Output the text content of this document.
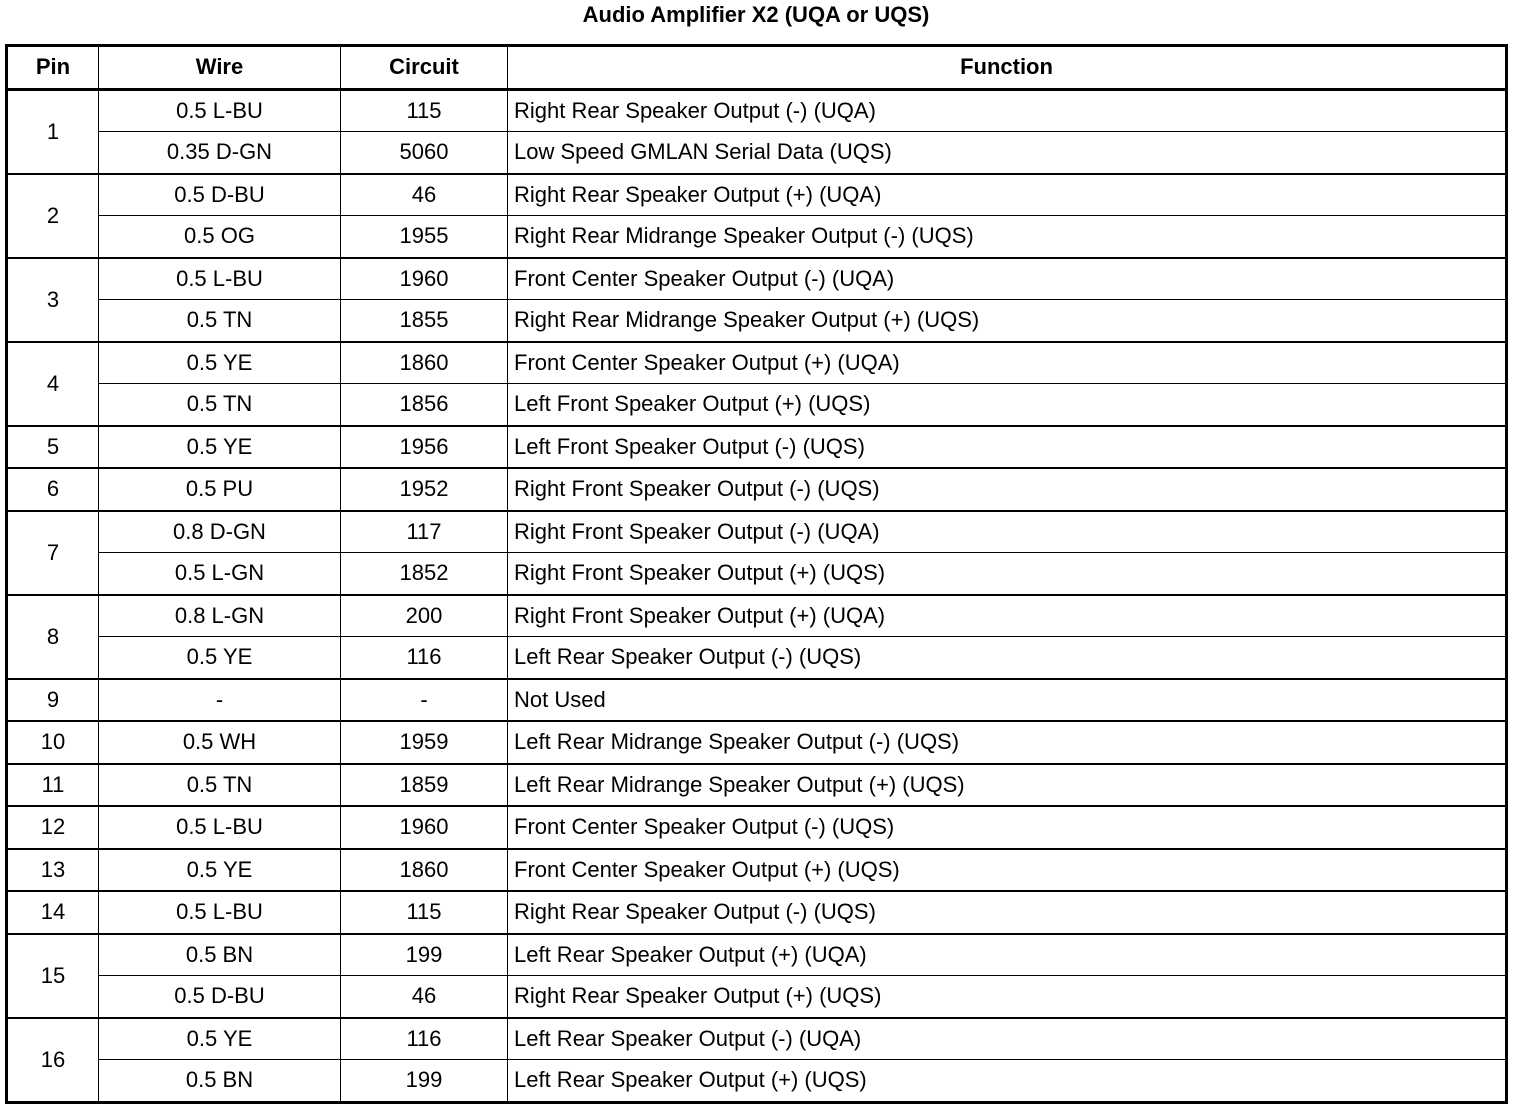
Audio Amplifier X2 (UQA or UQS)
Pin	Wire	Circuit	Function
1	0.5 L-BU	115	Right Rear Speaker Output (-) (UQA)
	0.35 D-GN	5060	Low Speed GMLAN Serial Data (UQS)
2	0.5 D-BU	46	Right Rear Speaker Output (+) (UQA)
	0.5 OG	1955	Right Rear Midrange Speaker Output (-) (UQS)
3	0.5 L-BU	1960	Front Center Speaker Output (-) (UQA)
	0.5 TN	1855	Right Rear Midrange Speaker Output (+) (UQS)
4	0.5 YE	1860	Front Center Speaker Output (+) (UQA)
	0.5 TN	1856	Left Front Speaker Output (+) (UQS)
5	0.5 YE	1956	Left Front Speaker Output (-) (UQS)
6	0.5 PU	1952	Right Front Speaker Output (-) (UQS)
7	0.8 D-GN	117	Right Front Speaker Output (-) (UQA)
	0.5 L-GN	1852	Right Front Speaker Output (+) (UQS)
8	0.8 L-GN	200	Right Front Speaker Output (+) (UQA)
	0.5 YE	116	Left Rear Speaker Output (-) (UQS)
9	-	-	Not Used
10	0.5 WH	1959	Left Rear Midrange Speaker Output (-) (UQS)
11	0.5 TN	1859	Left Rear Midrange Speaker Output (+) (UQS)
12	0.5 L-BU	1960	Front Center Speaker Output (-) (UQS)
13	0.5 YE	1860	Front Center Speaker Output (+) (UQS)
14	0.5 L-BU	115	Right Rear Speaker Output (-) (UQS)
15	0.5 BN	199	Left Rear Speaker Output (+) (UQA)
	0.5 D-BU	46	Right Rear Speaker Output (+) (UQS)
16	0.5 YE	116	Left Rear Speaker Output (-) (UQA)
	0.5 BN	199	Left Rear Speaker Output (+) (UQS)
